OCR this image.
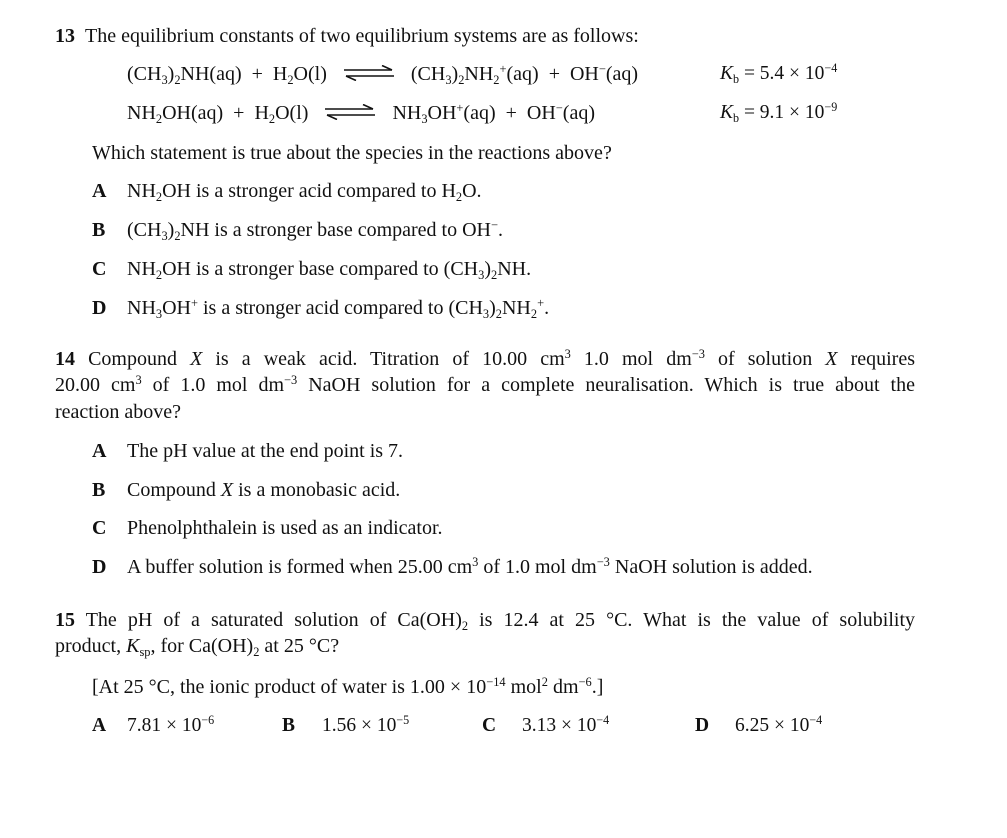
13 The equilibrium constants of two equilibrium systems are as follows:
$(CH_3)_2NH(aq) + H_2O(l)$ ⇌ $(CH_3)_2NH_2^+(aq) + OH^-(aq)$	$K_b = 5.4 \times 10^{-4}$
$NH_2OH(aq) + H_2O(l)$ ⇌ $NH_3OH^+(aq) + OH^-(aq)$	$K_b = 9.1 \times 10^{-9}$
Which statement is true about the species in the reactions above?
A $NH_2OH$ is a stronger acid compared to $H_2O$.
B $(CH_3)_2NH$ is a stronger base compared to OH−.
C $NH_2OH$ is a stronger base compared to $(CH_3)_2NH$.
D $NH_3OH^+$ is a stronger acid compared to $(CH_3)_2NH_2^+$.
14 Compound X is a weak acid. Titration of 10.00 $cm^3$ 1.0 mol $dm^{-3}$ of solution X requires
20.00 $cm^3$ of 1.0 mol $dm^{-3}$ NaOH solution for a complete neuralisation. Which is true about the
reaction above?
A The pH value at the end point is 7.
B Compound X is a monobasic acid.
C Phenolphthalein is used as an indicator.
D A buffer solution is formed when 25.00 $cm^3$ of 1.0 mol $dm^{-3}$ NaOH solution is added.
15 The pH of a saturated solution of $Ca(OH)_2$ is 12.4 at 25 °C. What is the value of solubility
product, $K_{sp}$, for $Ca(OH)_2$ at 25 °C?
[At 25 °C, the ionic product of water is $1.00 \times 10^{-14}$ mol$^2$ $dm^{-6}$.]
A $7.81 \times 10^{-6}$	B $1.56 \times 10^{-5}$	C $3.13 \times 10^{-4}$	D $6.25 \times 10^{-4}$
